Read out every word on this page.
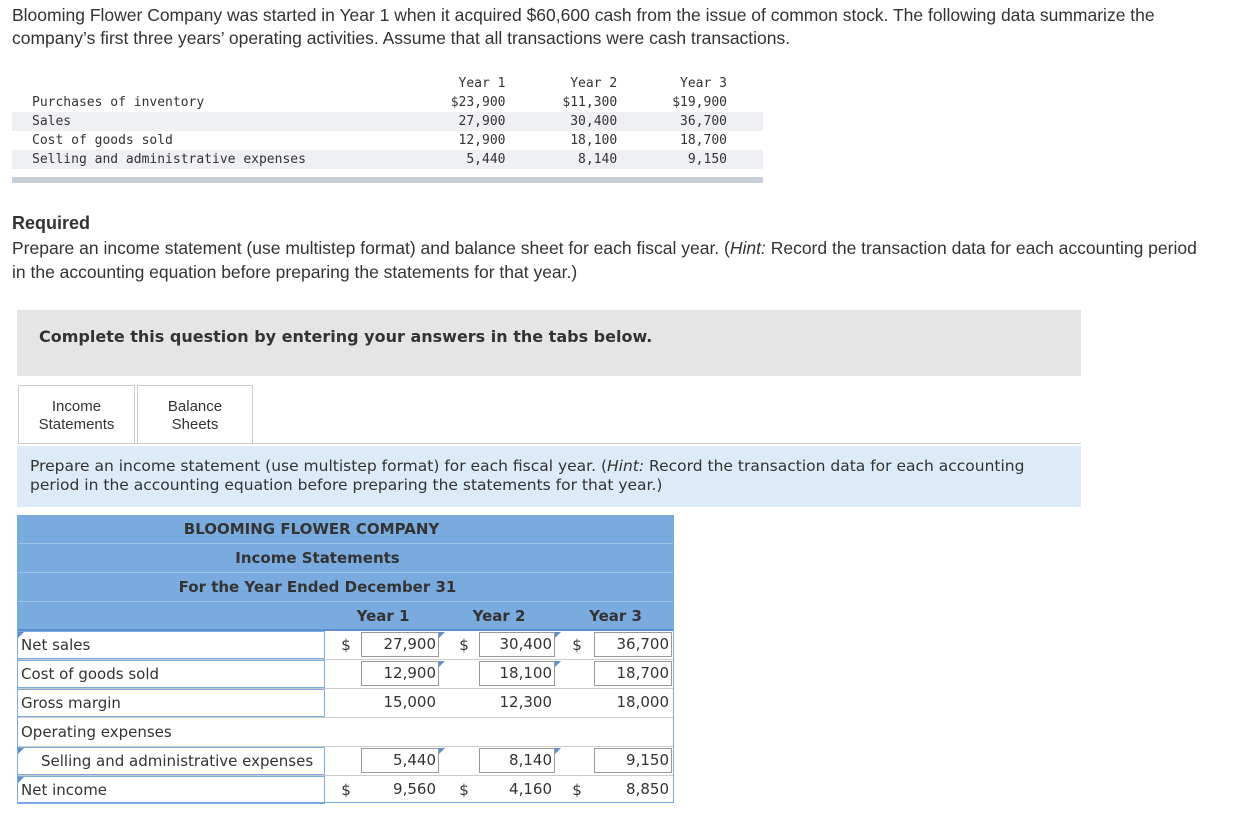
Blooming Flower Company was started in Year 1 when it acquired $60,600 cash from the issue of common stock. The following data summarize the company’s first three years’ operating activities. Assume that all transactions were cash transactions.
	Year 1	Year 2	Year 3
Purchases of inventory	$23,900	$11,300	$19,900
Sales	27,900	30,400	36,700
Cost of goods sold	12,900	18,100	18,700
Selling and administrative expenses	5,440	8,140	9,150
Required
Prepare an income statement (use multistep format) and balance sheet for each fiscal year. (Hint: Record the transaction data for each accounting period in the accounting equation before preparing the statements for that year.)
Complete this question by entering your answers in the tabs below.
Income
Statements
Balance
Sheets
Prepare an income statement (use multistep format) for each fiscal year. (Hint: Record the transaction data for each accounting period in the accounting equation before preparing the statements for that year.)
BLOOMING FLOWER COMPANY
Income Statements
For the Year Ended December 31
Year 1	Year 2	Year 3
Net sales	$	27,900	$	30,400	$	36,700
Cost of goods sold	12,900	18,100	18,700
Gross margin	15,000	12,300	18,000
Operating expenses
Selling and administrative expenses	5,440	8,140	9,150
Net income	$	9,560	$	4,160	$	8,850
